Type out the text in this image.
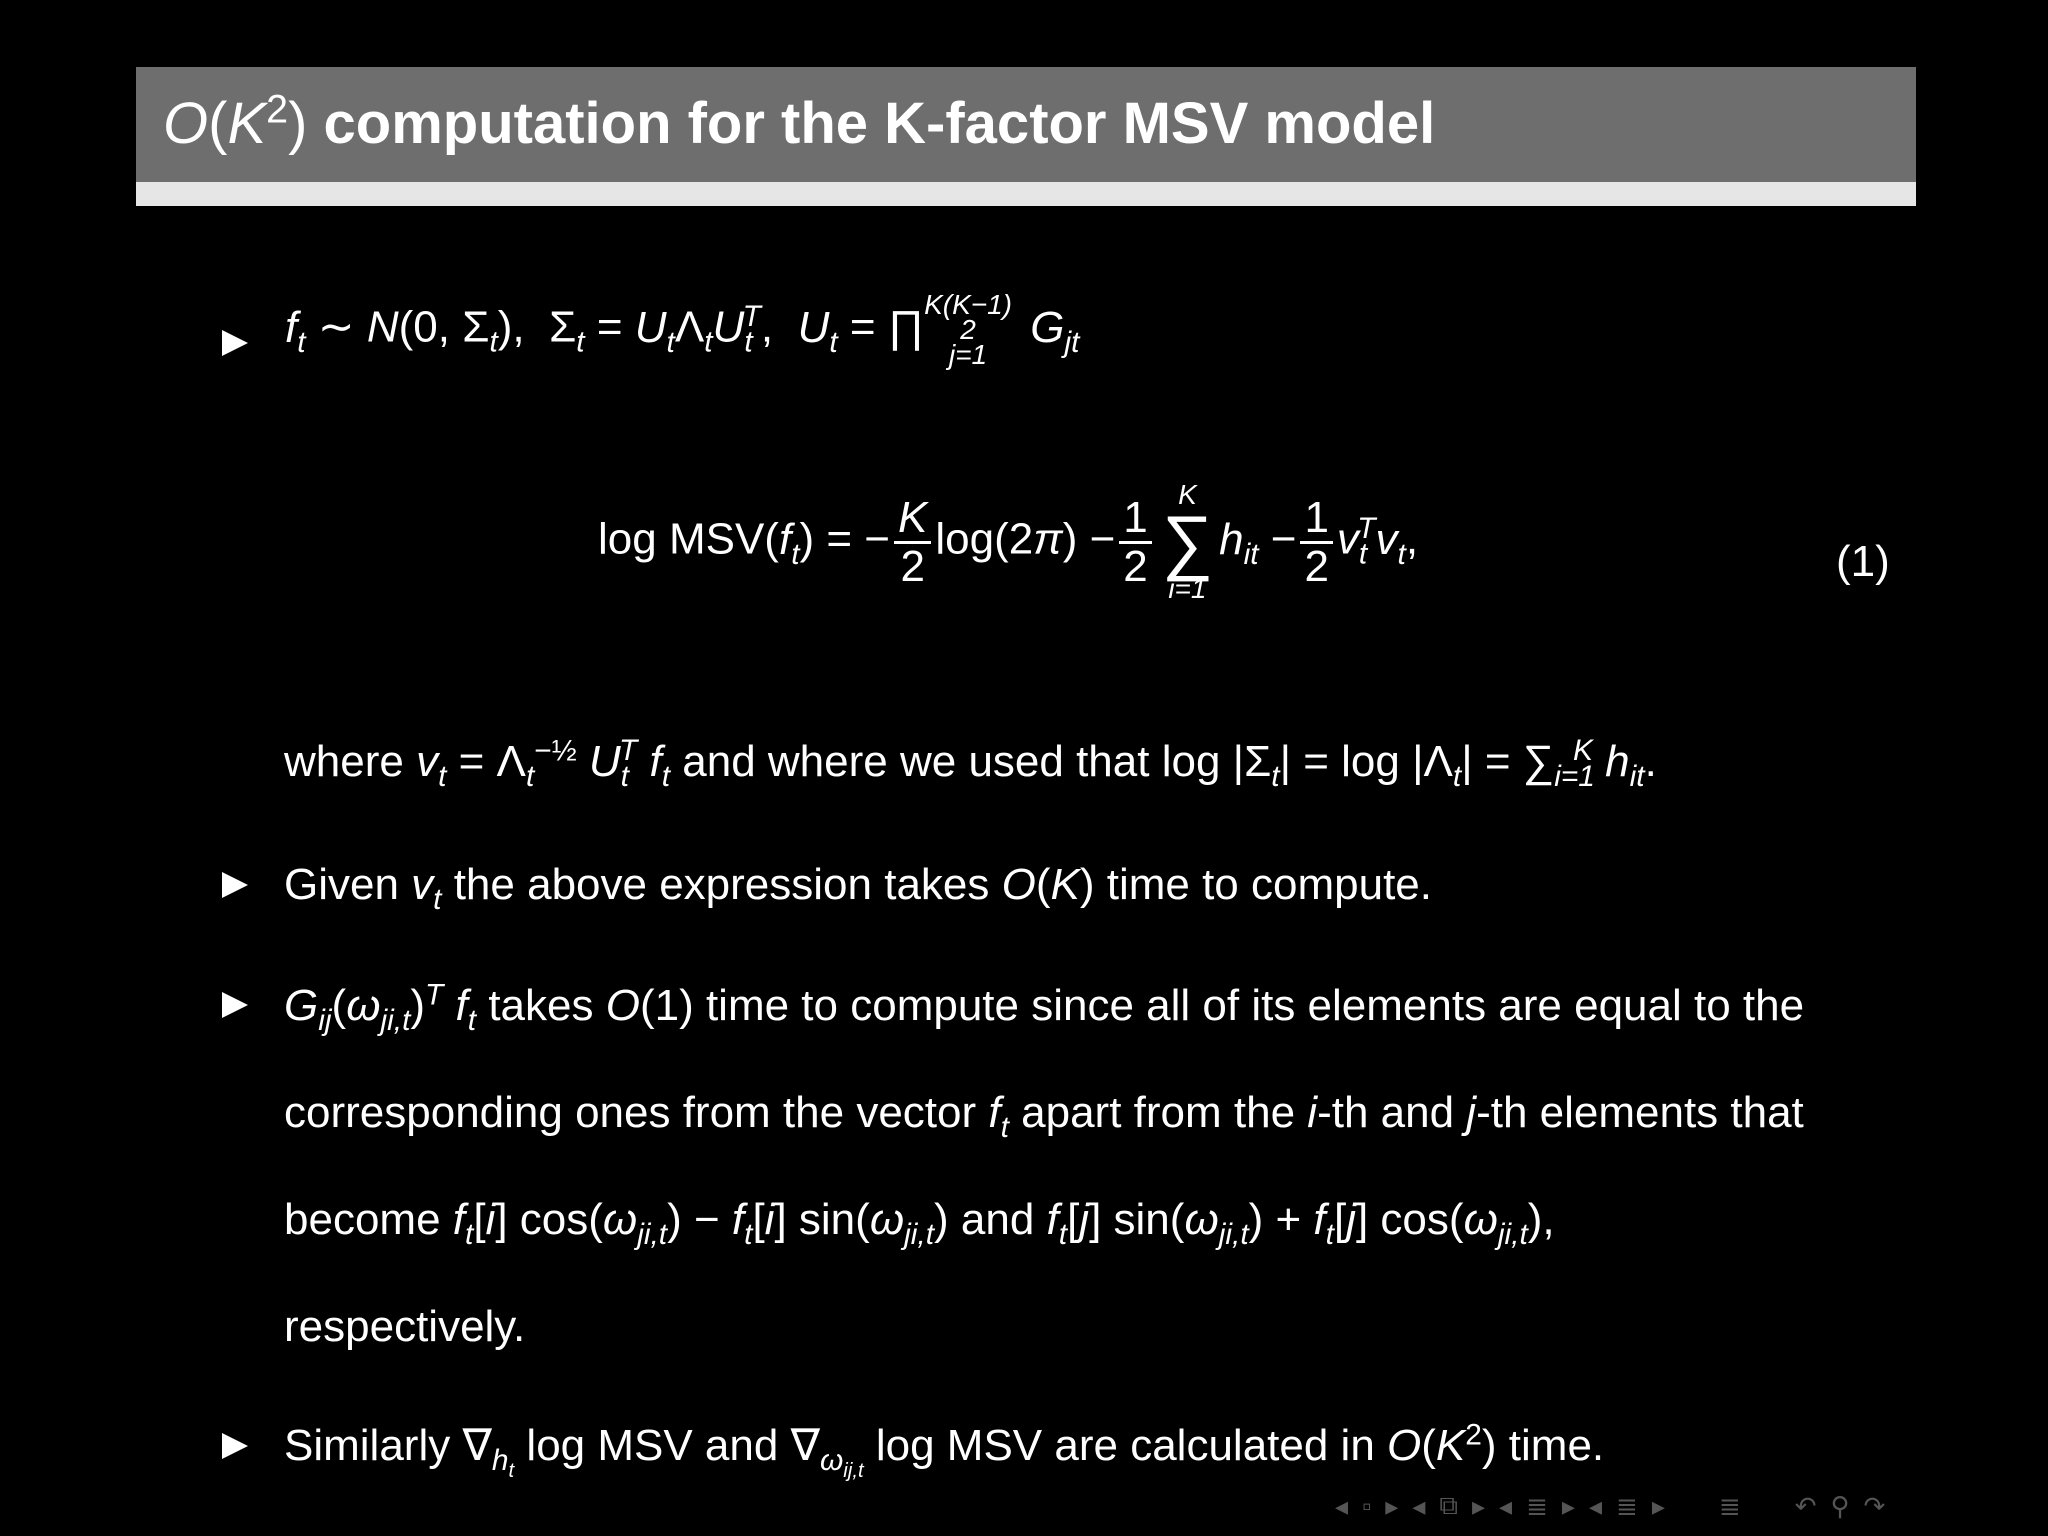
$O(K^2)$ computation for the K-factor MSV model
$f_t$ ∼ N(0, $\Sigma_t$),  $\Sigma_t = U_t\Lambda_tU_t^T$,  $U_t$ = ∏ K(K−1)
2
j=1
$G_{jt}$
$\log MSV(f_t)$ = − $\frac{K}{2} \log(2\pi) - \frac{1}{2}$ K
∑
i=1
$h_{it} - \frac{1}{2} v_t^Tv_t$,	(1)
where $v_t = \Lambda_t^{-\frac{1}{2}}$ $U_t^T$ $f_t$ and where we used that $\log |\Sigma_t| = \log |\Lambda_t| = \sum_{i=1}^K$ $h_{it}$.
Given $v_t$ the above expression takes O(K) time to compute.
$G_{ij}(\omega_{ji,t})^T$ $f_t$ takes O(1) time to compute since all of its elements are equal to the
corresponding ones from the vector $f_t$ apart from the i-th and j-th elements that
become $f_t[i] \cos(\omega_{ji,t}) - f_t[i]$ $\sin(\omega_{ji,t})$ and $f_t[j] \sin(\omega_{ji,t}) + f_t[j]$ $\cos(\omega_{ji,t})$,
respectively.
Similarly $\nabla_{h_t}$ log MSV and $\nabla_{\omega_{ij,t}}$ log MSV are calculated in $O(K^2)$ time.
◂ ▫ ▸ ◂ ⧉ ▸ ◂ ≣ ▸ ◂ ≣ ▸ ≣ ↶ ⚲ ↷
